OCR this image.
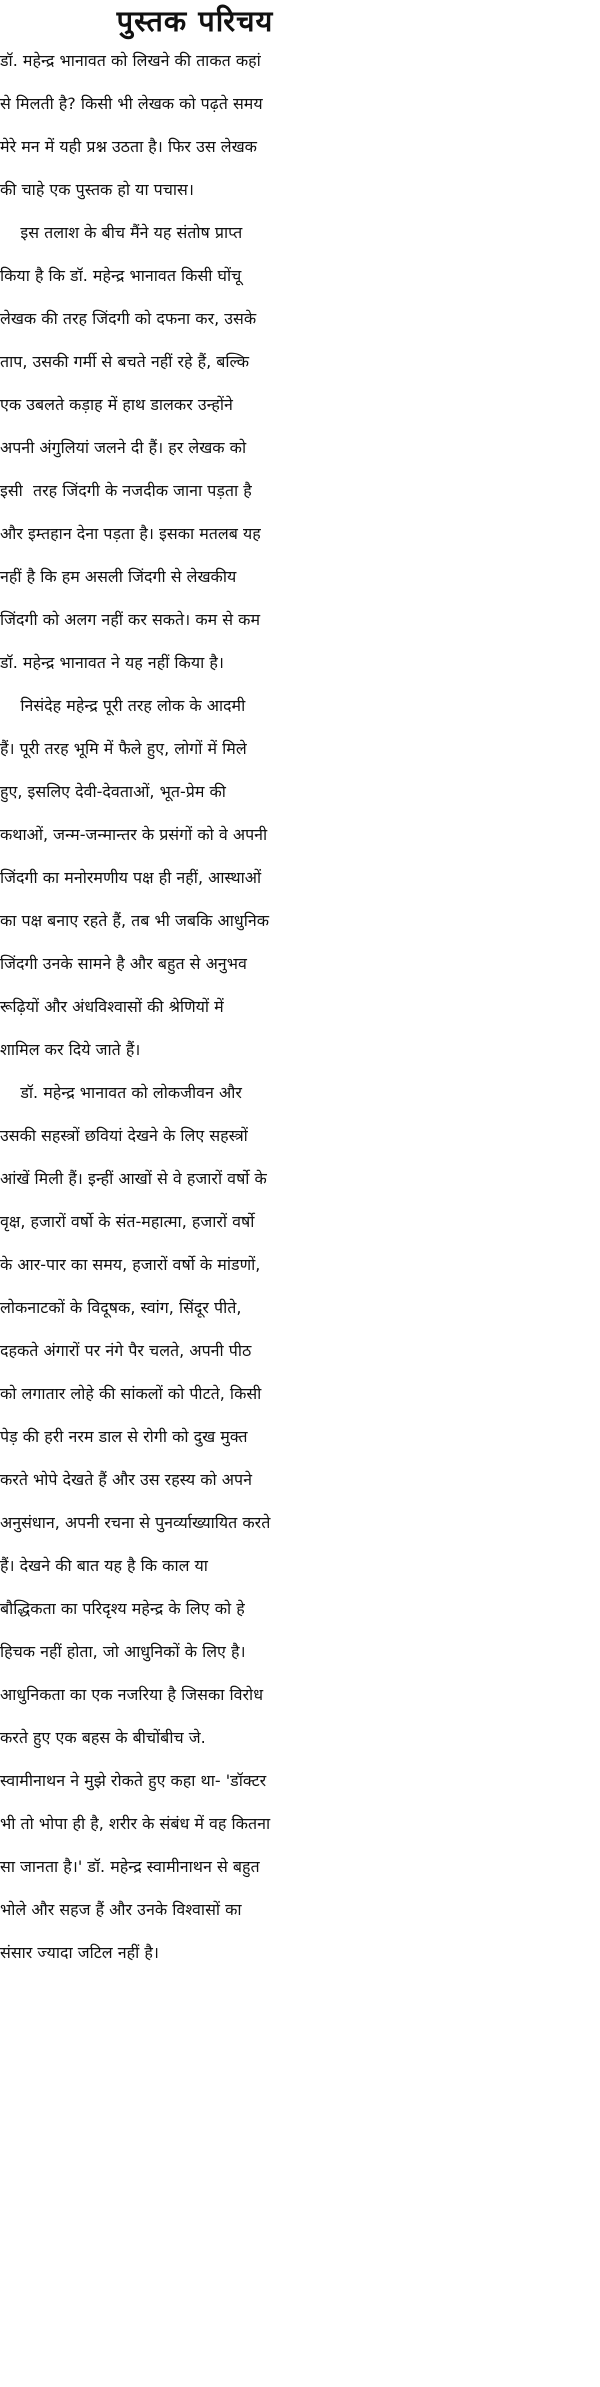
पुस्तक परिचय
डॉ. महेन्द्र भानावत को लिखने की ताकत कहां
से मिलती है? किसी भी लेखक को पढ़ते समय
मेरे मन में यही प्रश्न उठता है। फिर उस लेखक
की चाहे एक पुस्तक हो या पचास।
इस तलाश के बीच मैंने यह संतोष प्राप्त
किया है कि डॉ. महेन्द्र भानावत किसी घोंचू
लेखक की तरह जिंदगी को दफना कर, उसके
ताप, उसकी गर्मी से बचते नहीं रहे हैं, बल्कि
एक उबलते कड़ाह में हाथ डालकर उन्होंने
अपनी अंगुलियां जलने दी हैं। हर लेखक को
इसी  तरह जिंदगी के नजदीक जाना पड़ता है
और इम्तहान देना पड़ता है। इसका मतलब यह
नहीं है कि हम असली जिंदगी से लेखकीय
जिंदगी को अलग नहीं कर सकते। कम से कम
डॉ. महेन्द्र भानावत ने यह नहीं किया है।
निसंदेह महेन्द्र पूरी तरह लोक के आदमी
हैं। पूरी तरह भूमि में फैले हुए, लोगों में मिले
हुए, इसलिए देवी-देवताओं, भूत-प्रेम की
कथाओं, जन्म-जन्मान्तर के प्रसंगों को वे अपनी
जिंदगी का मनोरमणीय पक्ष ही नहीं, आस्थाओं
का पक्ष बनाए रहते हैं, तब भी जबकि आधुनिक
जिंदगी उनके सामने है और बहुत से अनुभव
रूढ़ियों और अंधविश्वासों की श्रेणियों में
शामिल कर दिये जाते हैं।
डॉ. महेन्द्र भानावत को लोकजीवन और
उसकी सहस्त्रों छवियां देखने के लिए सहस्त्रों
आंखें मिली हैं। इन्हीं आखों से वे हजारों वर्षो के
वृक्ष, हजारों वर्षो के संत-महात्मा, हजारों वर्षो
के आर-पार का समय, हजारों वर्षो के मांडणों,
लोकनाटकों के विदूषक, स्वांग, सिंदूर पीते,
दहकते अंगारों पर नंगे पैर चलते, अपनी पीठ
को लगातार लोहे की सांकलों को पीटते, किसी
पेड़ की हरी नरम डाल से रोगी को दुख मुक्त
करते भोपे देखते हैं और उस रहस्य को अपने
अनुसंधान, अपनी रचना से पुनर्व्याख्यायित करते
हैं। देखने की बात यह है कि काल या
बौद्धिकता का परिदृश्य महेन्द्र के लिए को हे
हिचक नहीं होता, जो आधुनिकों के लिए है।
आधुनिकता का एक नजरिया है जिसका विरोध
करते हुए एक बहस के बीचोंबीच जे.
स्वामीनाथन ने मुझे रोकते हुए कहा था- 'डॉक्टर
भी तो भोपा ही है, शरीर के संबंध में वह कितना
सा जानता है।' डॉ. महेन्द्र स्वामीनाथन से बहुत
भोले और सहज हैं और उनके विश्वासों का
संसार ज्यादा जटिल नहीं है।
